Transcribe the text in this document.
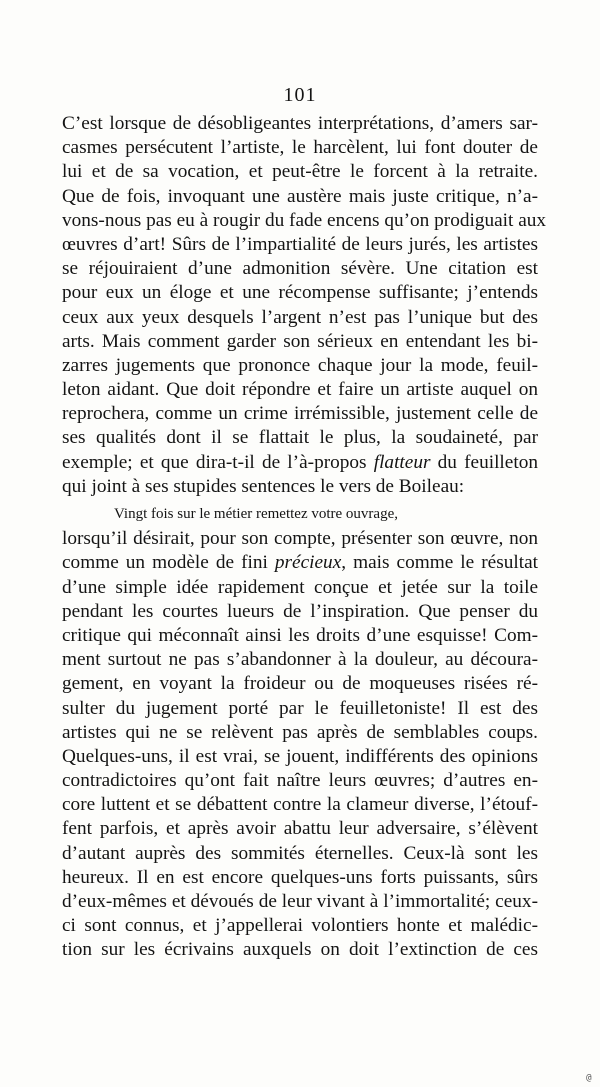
101
C’est lorsque de désobligeantes interprétations, d’amers sar-
casmes persécutent l’artiste, le harcèlent, lui font douter de
lui et de sa vocation, et peut-être le forcent à la retraite.
Que de fois, invoquant une austère mais juste critique, n’a-
vons-nous pas eu à rougir du fade encens qu’on prodiguait aux
œuvres d’art! Sûrs de l’impartialité de leurs jurés, les artistes
se réjouiraient d’une admonition sévère. Une citation est
pour eux un éloge et une récompense suffisante; j’entends
ceux aux yeux desquels l’argent n’est pas l’unique but des
arts. Mais comment garder son sérieux en entendant les bi-
zarres jugements que prononce chaque jour la mode, feuil-
leton aidant. Que doit répondre et faire un artiste auquel on
reprochera, comme un crime irrémissible, justement celle de
ses qualités dont il se flattait le plus, la soudaineté, par
exemple; et que dira-t-il de l’à-propos flatteur du feuilleton
qui joint à ses stupides sentences le vers de Boileau:
Vingt fois sur le métier remettez votre ouvrage,
lorsqu’il désirait, pour son compte, présenter son œuvre, non
comme un modèle de fini précieux, mais comme le résultat
d’une simple idée rapidement conçue et jetée sur la toile
pendant les courtes lueurs de l’inspiration. Que penser du
critique qui méconnaît ainsi les droits d’une esquisse! Com-
ment surtout ne pas s’abandonner à la douleur, au découra-
gement, en voyant la froideur ou de moqueuses risées ré-
sulter du jugement porté par le feuilletoniste! Il est des
artistes qui ne se relèvent pas après de semblables coups.
Quelques-uns, il est vrai, se jouent, indifférents des opinions
contradictoires qu’ont fait naître leurs œuvres; d’autres en-
core luttent et se débattent contre la clameur diverse, l’étouf-
fent parfois, et après avoir abattu leur adversaire, s’élèvent
d’autant auprès des sommités éternelles. Ceux-là sont les
heureux. Il en est encore quelques-uns forts puissants, sûrs
d’eux-mêmes et dévoués de leur vivant à l’immortalité; ceux-
ci sont connus, et j’appellerai volontiers honte et malédic-
tion sur les écrivains auxquels on doit l’extinction de ces
@
